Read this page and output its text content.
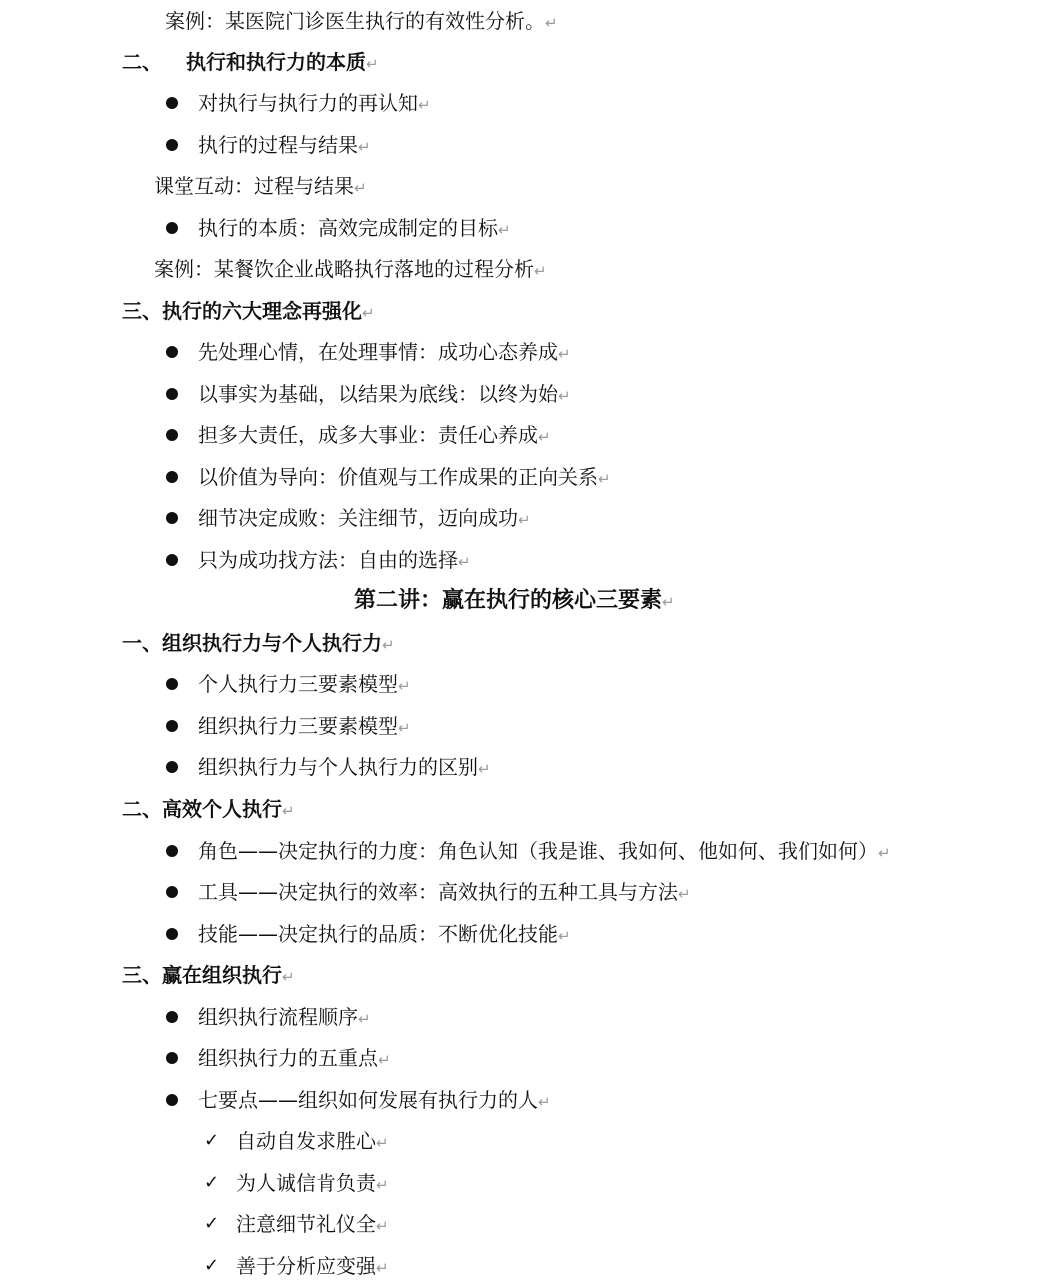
案例：某医院门诊医生执行的有效性分析。↵
二、 执行和执行力的本质↵
对执行与执行力的再认知↵
执行的过程与结果↵
课堂互动：过程与结果↵
执行的本质：高效完成制定的目标↵
案例：某餐饮企业战略执行落地的过程分析↵
三、执行的六大理念再强化↵
先处理心情，在处理事情：成功心态养成↵
以事实为基础，以结果为底线：以终为始↵
担多大责任，成多大事业：责任心养成↵
以价值为导向：价值观与工作成果的正向关系↵
细节决定成败：关注细节，迈向成功↵
只为成功找方法：自由的选择↵
第二讲：赢在执行的核心三要素↵
一、组织执行力与个人执行力↵
个人执行力三要素模型↵
组织执行力三要素模型↵
组织执行力与个人执行力的区别↵
二、高效个人执行↵
角色——决定执行的力度：角色认知（我是谁、我如何、他如何、我们如何）↵
工具——决定执行的效率：高效执行的五种工具与方法↵
技能——决定执行的品质：不断优化技能↵
三、赢在组织执行↵
组织执行流程顺序↵
组织执行力的五重点↵
七要点——组织如何发展有执行力的人↵
✓ 自动自发求胜心↵
✓ 为人诚信肯负责↵
✓ 注意细节礼仪全↵
✓ 善于分析应变强↵
